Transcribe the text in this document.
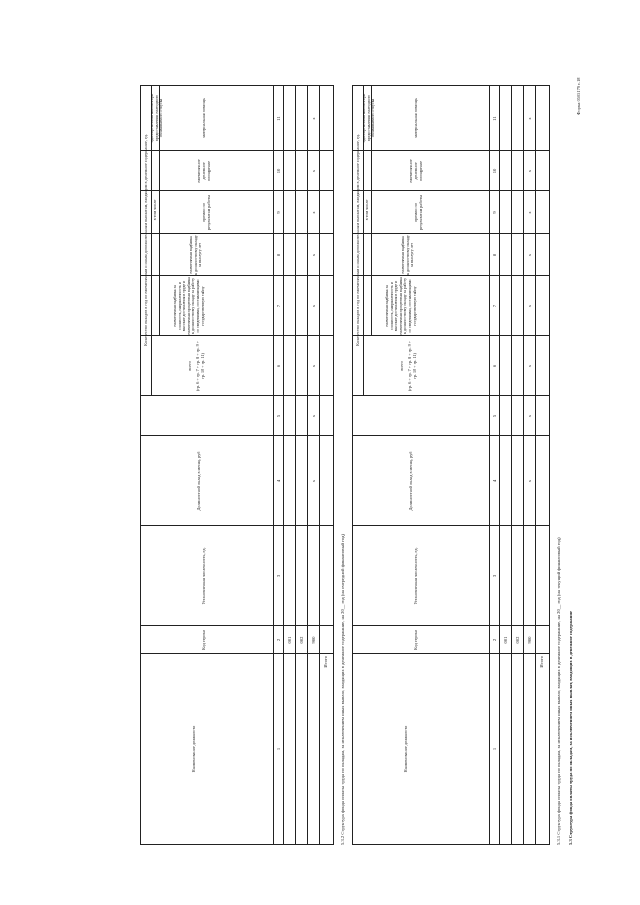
5.3 Структура фонда оплаты труда по окладам, за исключением иных выплат, входящих в денежное содержание
Форма 0505179 с.18
5.3.1 Структура фонда оплаты труда по окладам, за исключением иных выплат, входящих в денежное содержание, на 20__ год (на текущий финансовый год)
Наименование должности
Код строки
Установленная численность, ед.
Должностной оклад в месяц, руб
Количество окладов в год по ежемесячным и иным дополнительным выплатам, входящим в денежное содержание, ед.
всего (гр. 6 + гр. 7 + гр. 8 + гр. 9 + гр. 10 + гр. 11)
в том числе
ежемесячная надбавка за сложность, напряженность и высокие достижения в труде и ежемесячная процентная надбавка к должностному окладу за работу со сведениями, составляющими государственную тайну
ежемесячная надбавка к должностному окладу за выслугу лет
премии по результатам работы
ежемесячное денежное поощрение
материальная помощь
1
2
3
4
5
6
7
8
9
10
11
001 002 900
Итого
х
х
х
х
х
х
х
х
единовременная выплата при предоставлении ежегодного оплачиваемого отпуска
5.3.2 Структура фонда оплаты труда по окладам, за исключением иных выплат, входящих в денежное содержание, на 20__ год (на очередной финансовый год)
Наименование должности
Код строки
Установленная численность, ед.
Должностной оклад в месяц, руб
Количество окладов в год по ежемесячным и иным дополнительным выплатам, входящим в денежное содержание, ед.
всего (гр. 6 + гр. 7 + гр. 8 + гр. 9 + гр. 10 + гр. 11)
в том числе
ежемесячная надбавка за сложность, напряженность и высокие достижения в труде и ежемесячная процентная надбавка к должностному окладу за работу со сведениями, составляющими государственную тайну
ежемесячная надбавка к должностному окладу за выслугу лет
премии по результатам работы
ежемесячное денежное поощрение
материальная помощь
1
2
3
4
5
6
7
8
9
10
11
001 002 900
Итого
х
х
х
х
х
х
х
х
единовременная выплата при предоставлении ежегодного оплачиваемого отпуска
